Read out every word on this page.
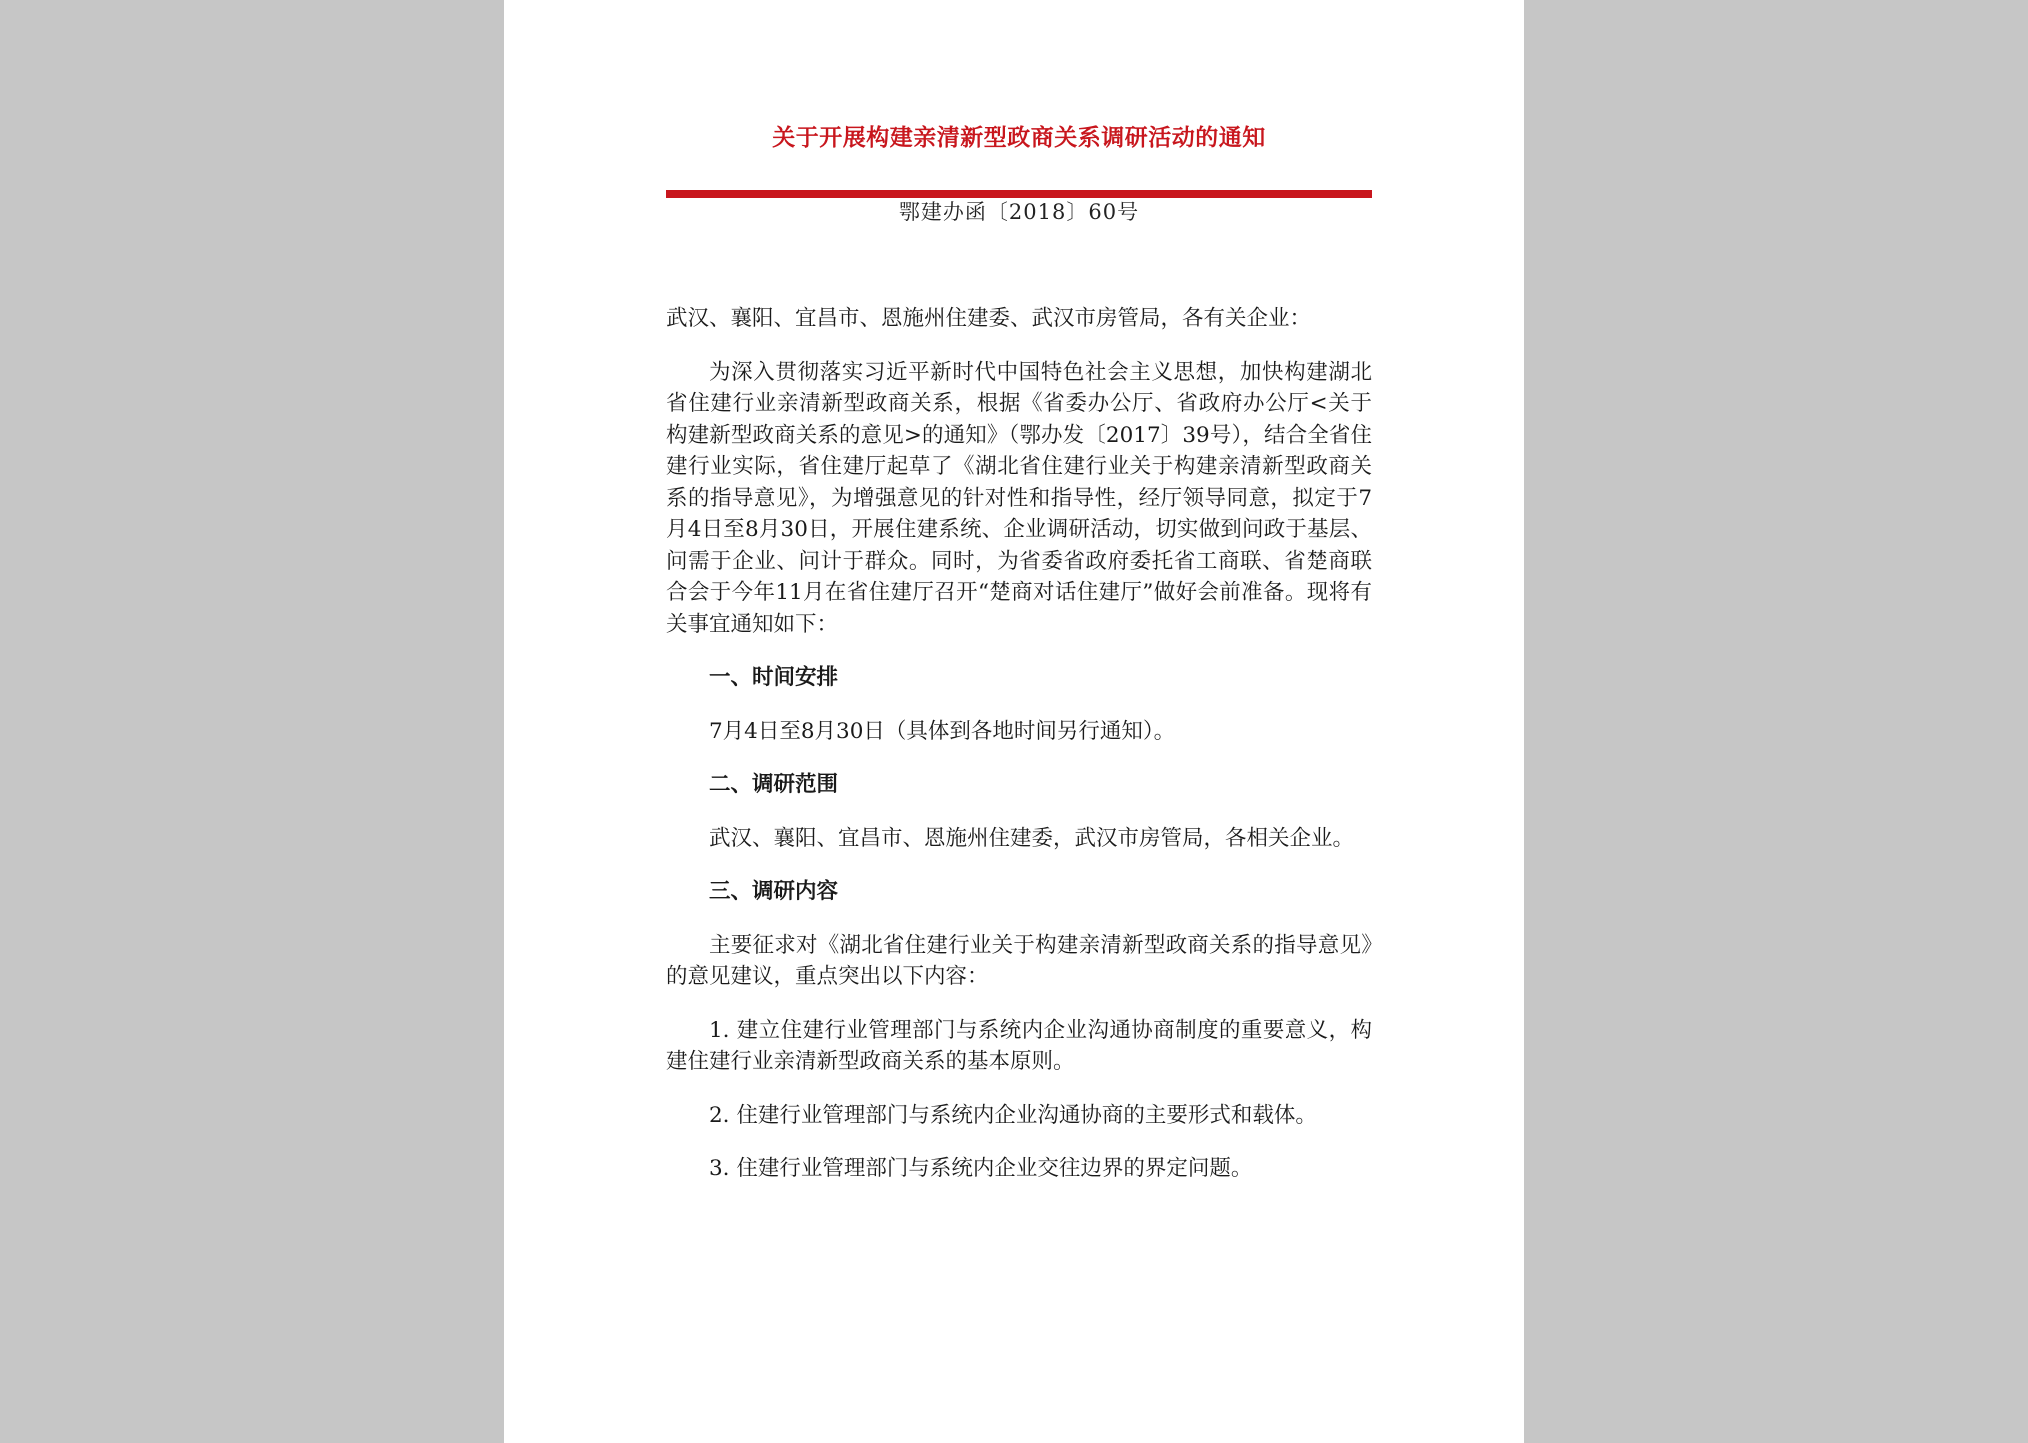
关于开展构建亲清新型政商关系调研活动的通知
鄂建办函〔2018〕60号

武汉、襄阳、宜昌市、恩施州住建委、武汉市房管局，各有关企业：

为深入贯彻落实习近平新时代中国特色社会主义思想，加快构建湖北省住建行业亲清新型政商关系，根据《省委办公厅、省政府办公厅<关于构建新型政商关系的意见>的通知》（鄂办发〔2017〕39号），结合全省住建行业实际，省住建厅起草了《湖北省住建行业关于构建亲清新型政商关系的指导意见》，为增强意见的针对性和指导性，经厅领导同意，拟定于7月4日至8月30日，开展住建系统、企业调研活动，切实做到问政于基层、问需于企业、问计于群众。同时，为省委省政府委托省工商联、省楚商联合会于今年11月在省住建厅召开“楚商对话住建厅”做好会前准备。现将有关事宜通知如下：

一、时间安排

7月4日至8月30日（具体到各地时间另行通知）。

二、调研范围

武汉、襄阳、宜昌市、恩施州住建委，武汉市房管局，各相关企业。

三、调研内容

主要征求对《湖北省住建行业关于构建亲清新型政商关系的指导意见》的意见建议，重点突出以下内容：

1. 建立住建行业管理部门与系统内企业沟通协商制度的重要意义，构建住建行业亲清新型政商关系的基本原则。

2. 住建行业管理部门与系统内企业沟通协商的主要形式和载体。

3. 住建行业管理部门与系统内企业交往边界的界定问题。
